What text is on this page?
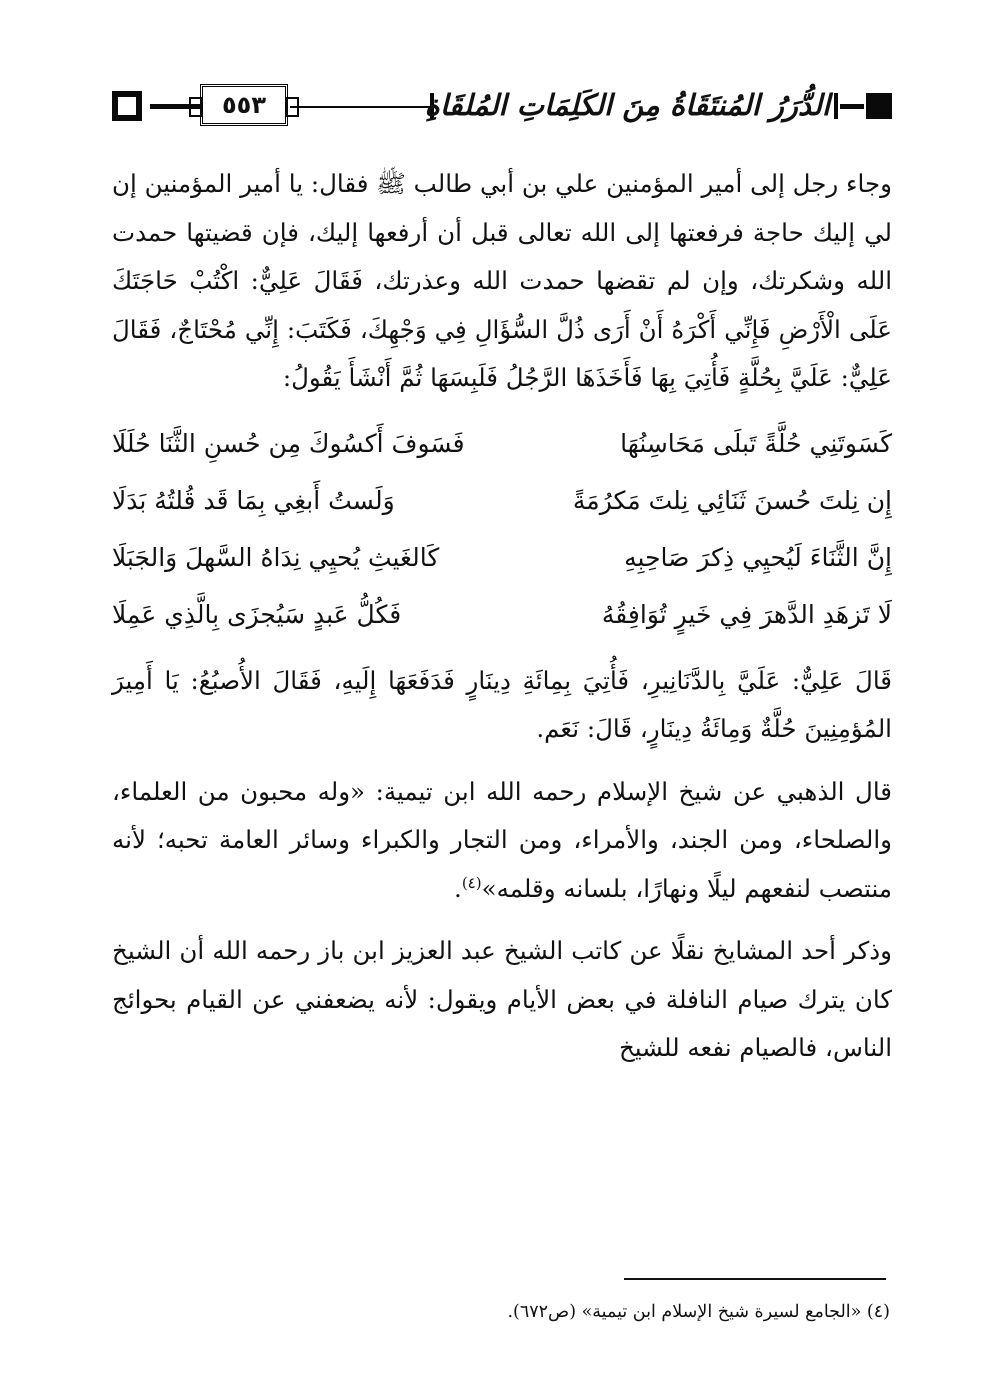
٥٥٣	الدُّرَرُ المُنتَقَاةُ مِنَ الكَلِمَاتِ المُلقَاةِ

وجاء رجل إلى أمير المؤمنين علي بن أبي طالب ﷺ فقال: يا أمير المؤمنين إن لي إليك حاجة فرفعتها إلى الله تعالى قبل أن أرفعها إليك، فإن قضيتها حمدت الله وشكرتك، وإن لم تقضها حمدت الله وعذرتك، فَقَالَ عَلِيٌّ: اكْتُبْ حَاجَتَكَ عَلَى الْأَرْضِ فَإِنِّي أَكْرَهُ أَنْ أَرَى ذُلَّ السُّؤَالِ فِي وَجْهِكَ، فَكَتَبَ: إِنِّي مُحْتَاجٌ، فَقَالَ عَلِيٌّ: عَلَيَّ بِحُلَّةٍ فَأُتِيَ بِهَا فَأَخَذَهَا الرَّجُلُ فَلَبِسَهَا ثُمَّ أَنْشَأَ يَقُولُ:

كَسَوتَنِي حُلَّةً تَبلَى مَحَاسِنُهَا
فَسَوفَ أَكسُوكَ مِن حُسنِ الثَّنَا حُلَلَا
إِن نِلتَ حُسنَ ثَنَائِي نِلتَ مَكرُمَةً
وَلَستُ أَبغِي بِمَا قَد قُلتُهُ بَدَلَا
إِنَّ الثَّنَاءَ لَيُحيِي ذِكرَ صَاحِبِهِ
كَالغَيثِ يُحيِي نِدَاهُ السَّهلَ وَالجَبَلَا
لَا تَزهَدِ الدَّهرَ فِي خَيرٍ تُوَافِقُهُ
فَكُلُّ عَبدٍ سَيُجزَى بِالَّذِي عَمِلَا

قَالَ عَلِيٌّ: عَلَيَّ بِالدَّنَانِيرِ، فَأُتِيَ بِمِائَةِ دِينَارٍ فَدَفَعَهَا إِلَيهِ، فَقَالَ الأُصبُعُ: يَا أَمِيرَ المُؤمِنِينَ حُلَّةٌ وَمِائَةُ دِينَارٍ، قَالَ: نَعَم.

قال الذهبي عن شيخ الإسلام رحمه الله ابن تيمية: «وله محبون من العلماء، والصلحاء، ومن الجند، والأمراء، ومن التجار والكبراء وسائر العامة تحبه؛ لأنه منتصب لنفعهم ليلًا ونهارًا، بلسانه وقلمه»$^{(٤)}$.

وذكر أحد المشايخ نقلًا عن كاتب الشيخ عبد العزيز ابن باز رحمه الله أن الشيخ كان يترك صيام النافلة في بعض الأيام ويقول: لأنه يضعفني عن القيام بحوائج الناس، فالصيام نفعه للشيخ

(٤) «الجامع لسيرة شيخ الإسلام ابن تيمية» (ص٦٧٢).
